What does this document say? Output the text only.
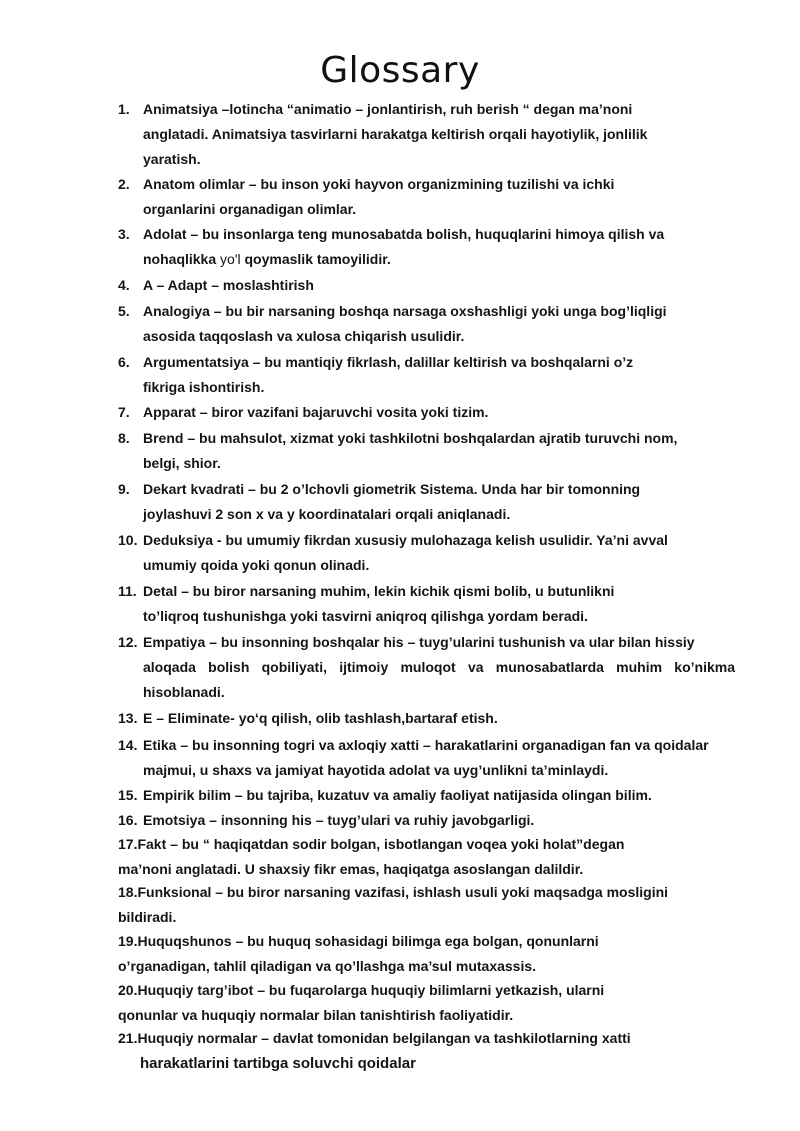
Glossary
1. Animatsiya –lotincha “animatio – jonlantirish, ruh berish “ degan ma’noni
anglatadi. Animatsiya tasvirlarni harakatga keltirish orqali hayotiylik, jonlilik
yaratish.
2. Anatom olimlar – bu inson yoki hayvon organizmining tuzilishi va ichki
organlarini organadigan olimlar.
3. Adolat – bu insonlarga teng munosabatda bolish, huquqlarini himoya qilish va
nohaqlikka yo'l qoymaslik tamoyilidir.
4. A – Adapt – moslashtirish
5. Analogiya – bu bir narsaning boshqa narsaga oxshashligi yoki unga bog’liqligi
asosida taqqoslash va xulosa chiqarish usulidir.
6. Argumentatsiya – bu mantiqiy fikrlash, dalillar keltirish va boshqalarni o’z
fikriga ishontirish.
7. Apparat – biror vazifani bajaruvchi vosita yoki tizim.
8. Brend – bu mahsulot, xizmat yoki tashkilotni boshqalardan ajratib turuvchi nom,
belgi, shior.
9. Dekart kvadrati – bu 2 o’lchovli giometrik Sistema. Unda har bir tomonning
joylashuvi 2 son x va y koordinatalari orqali aniqlanadi.
10. Deduksiya - bu umumiy fikrdan xususiy mulohazaga kelish usulidir. Ya’ni avval
umumiy qoida yoki qonun olinadi.
11. Detal – bu biror narsaning muhim, lekin kichik qismi bolib, u butunlikni
to’liqroq tushunishga yoki tasvirni aniqroq qilishga yordam beradi.
12. Empatiya – bu insonning boshqalar his – tuyg’ularini tushunish va ular bilan hissiy
aloqada bolish qobiliyati, ijtimoiy muloqot va munosabatlarda muhim ko’nikma
hisoblanadi.
13. E – Eliminate- yo‘q qilish, olib tashlash,bartaraf etish.
14. Etika – bu insonning togri va axloqiy xatti – harakatlarini organadigan fan va qoidalar
majmui, u shaxs va jamiyat hayotida adolat va uyg’unlikni ta’minlaydi.
15. Empirik bilim – bu tajriba, kuzatuv va amaliy faoliyat natijasida olingan bilim.
16. Emotsiya – insonning his – tuyg’ulari va ruhiy javobgarligi.
17.Fakt – bu “ haqiqatdan sodir bolgan, isbotlangan voqea yoki holat”degan
ma’noni anglatadi. U shaxsiy fikr emas, haqiqatga asoslangan dalildir.
18.Funksional – bu biror narsaning vazifasi, ishlash usuli yoki maqsadga mosligini
bildiradi.
19.Huquqshunos – bu huquq sohasidagi bilimga ega bolgan, qonunlarni
o’rganadigan, tahlil qiladigan va qo’llashga ma’sul mutaxassis.
20.Huquqiy targ’ibot – bu fuqarolarga huquqiy bilimlarni yetkazish, ularni
qonunlar va huquqiy normalar bilan tanishtirish faoliyatidir.
21.Huquqiy normalar – davlat tomonidan belgilangan va tashkilotlarning xatti
harakatlarini tartibga soluvchi qoidalar
